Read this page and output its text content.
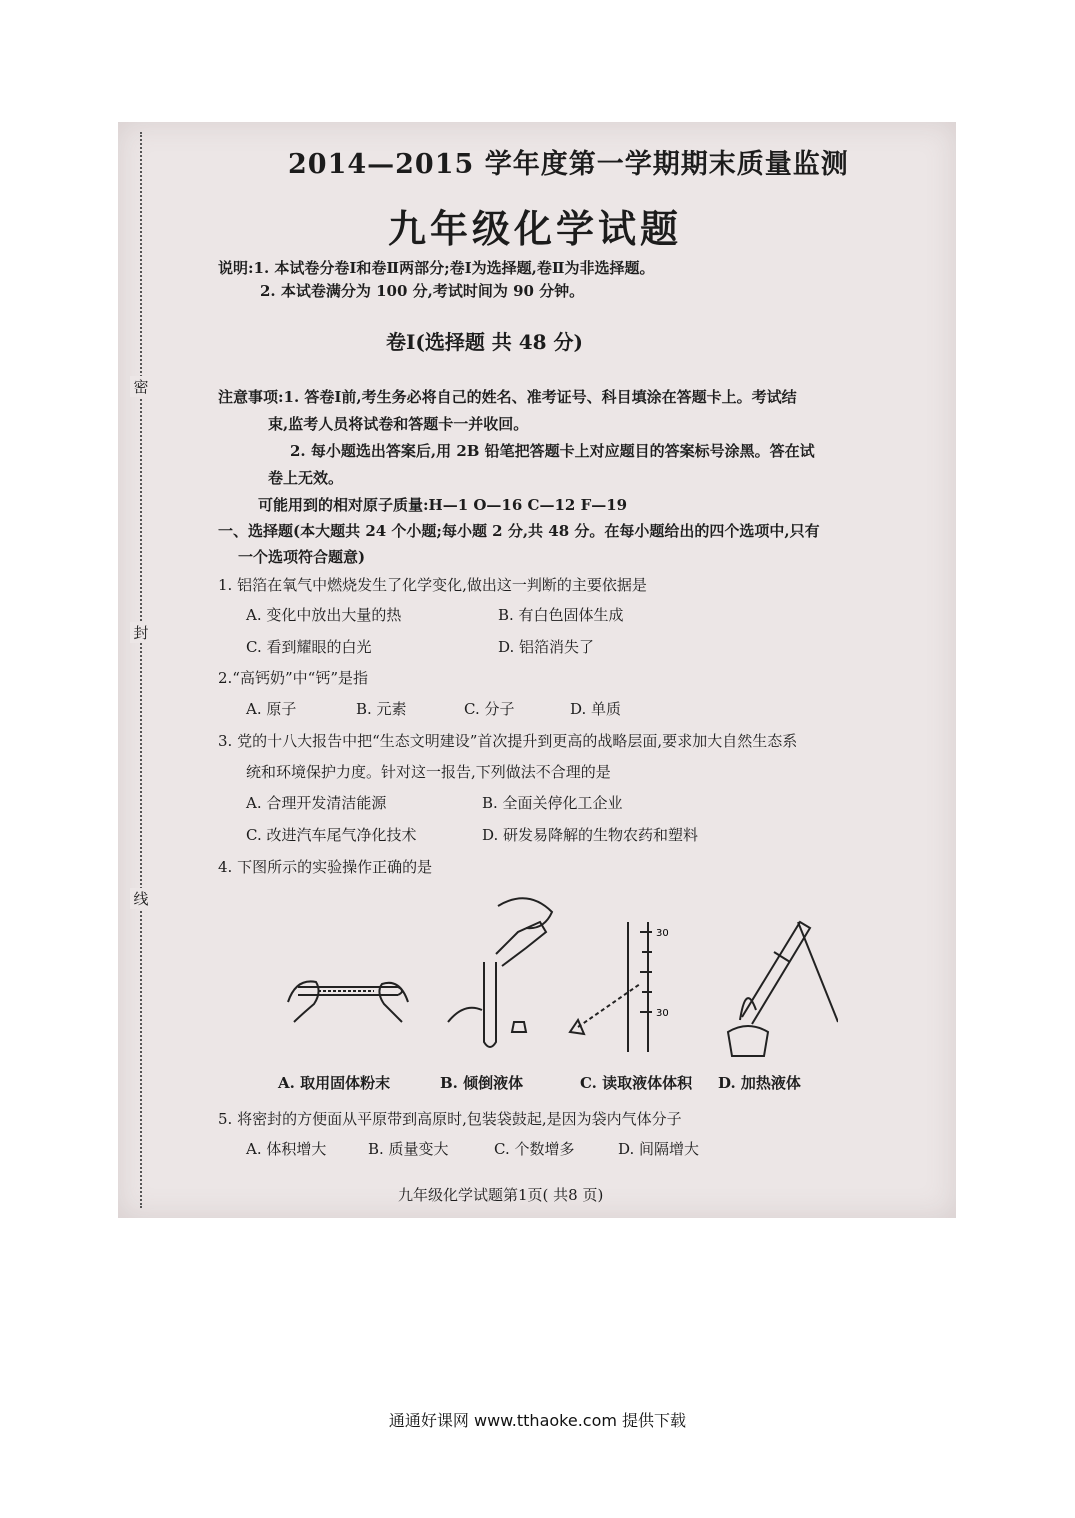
密
封
线
2014—2015 学年度第一学期期末质量监测
九年级化学试题
说明:1. 本试卷分卷Ⅰ和卷Ⅱ两部分;卷Ⅰ为选择题,卷Ⅱ为非选择题。
2. 本试卷满分为 100 分,考试时间为 90 分钟。
卷Ⅰ(选择题 共 48 分)
注意事项:1. 答卷Ⅰ前,考生务必将自己的姓名、准考证号、科目填涂在答题卡上。考试结
束,监考人员将试卷和答题卡一并收回。
2. 每小题选出答案后,用 2B 铅笔把答题卡上对应题目的答案标号涂黑。答在试
卷上无效。
可能用到的相对原子质量:H—1 O—16 C—12 F—19
一、选择题(本大题共 24 个小题;每小题 2 分,共 48 分。在每小题给出的四个选项中,只有
一个选项符合题意)
1. 铝箔在氧气中燃烧发生了化学变化,做出这一判断的主要依据是
A. 变化中放出大量的热	B. 有白色固体生成
C. 看到耀眼的白光	D. 铝箔消失了
2.“高钙奶”中“钙”是指
A. 原子	B. 元素	C. 分子	D. 单质
3. 党的十八大报告中把“生态文明建设”首次提升到更高的战略层面,要求加大自然生态系
统和环境保护力度。针对这一报告,下列做法不合理的是
A. 合理开发清洁能源	B. 全面关停化工企业
C. 改进汽车尾气净化技术	D. 研发易降解的生物农药和塑料
4. 下图所示的实验操作正确的是
30
30
A. 取用固体粉末	B. 倾倒液体	C. 读取液体体积 D. 加热液体
5. 将密封的方便面从平原带到高原时,包装袋鼓起,是因为袋内气体分子
A. 体积增大	B. 质量变大	C. 个数增多	D. 间隔增大
九年级化学试题第1页( 共8 页)
通通好课网 www.tthaoke.com 提供下载
